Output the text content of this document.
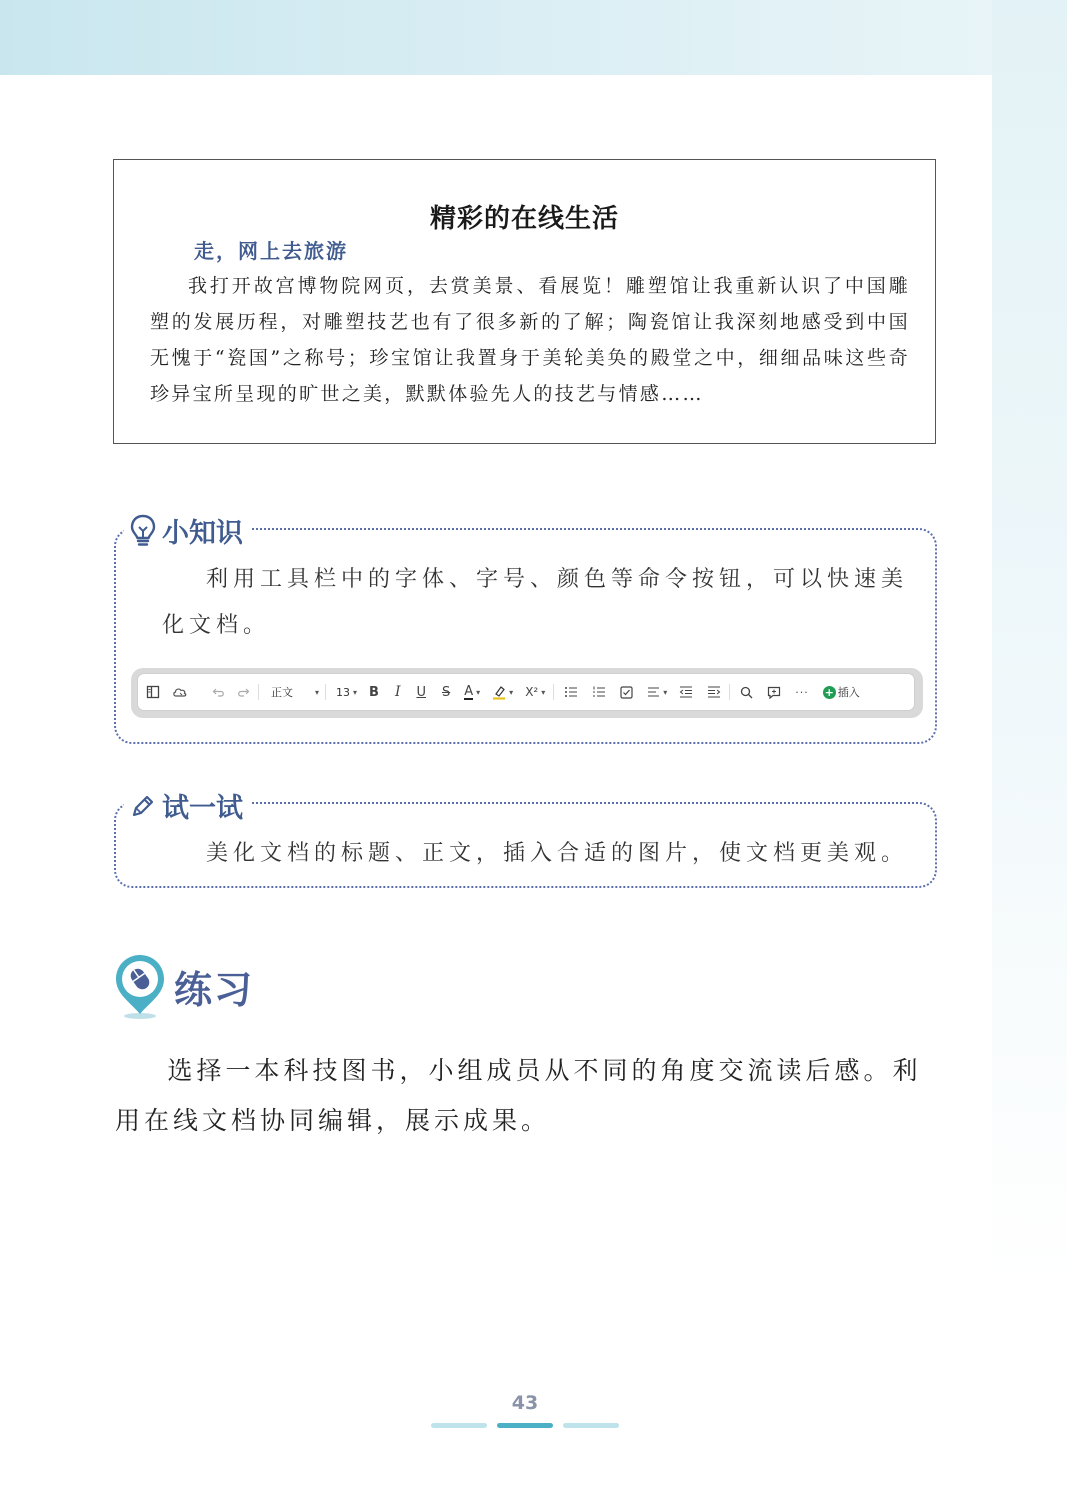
精彩的在线生活
走，网上去旅游
我打开故宫博物院网页，去赏美景、看展览！雕塑馆让我重新认识了中国雕塑的发展历程，对雕塑技艺也有了很多新的了解；陶瓷馆让我深刻地感受到中国无愧于“瓷国”之称号；珍宝馆让我置身于美轮美奂的殿堂之中，细细品味这些奇珍异宝所呈现的旷世之美，默默体验先人的技艺与情感……
小知识
利用工具栏中的字体、字号、颜色等命令按钮，可以快速美化文档。
正文	▾ 13 ▾ B I U S A ▾	▾ X² ▾	▾	··· + 插入
试一试
美化文档的标题、正文，插入合适的图片，使文档更美观。
练习
选择一本科技图书，小组成员从不同的角度交流读后感。利用在线文档协同编辑，展示成果。
43
